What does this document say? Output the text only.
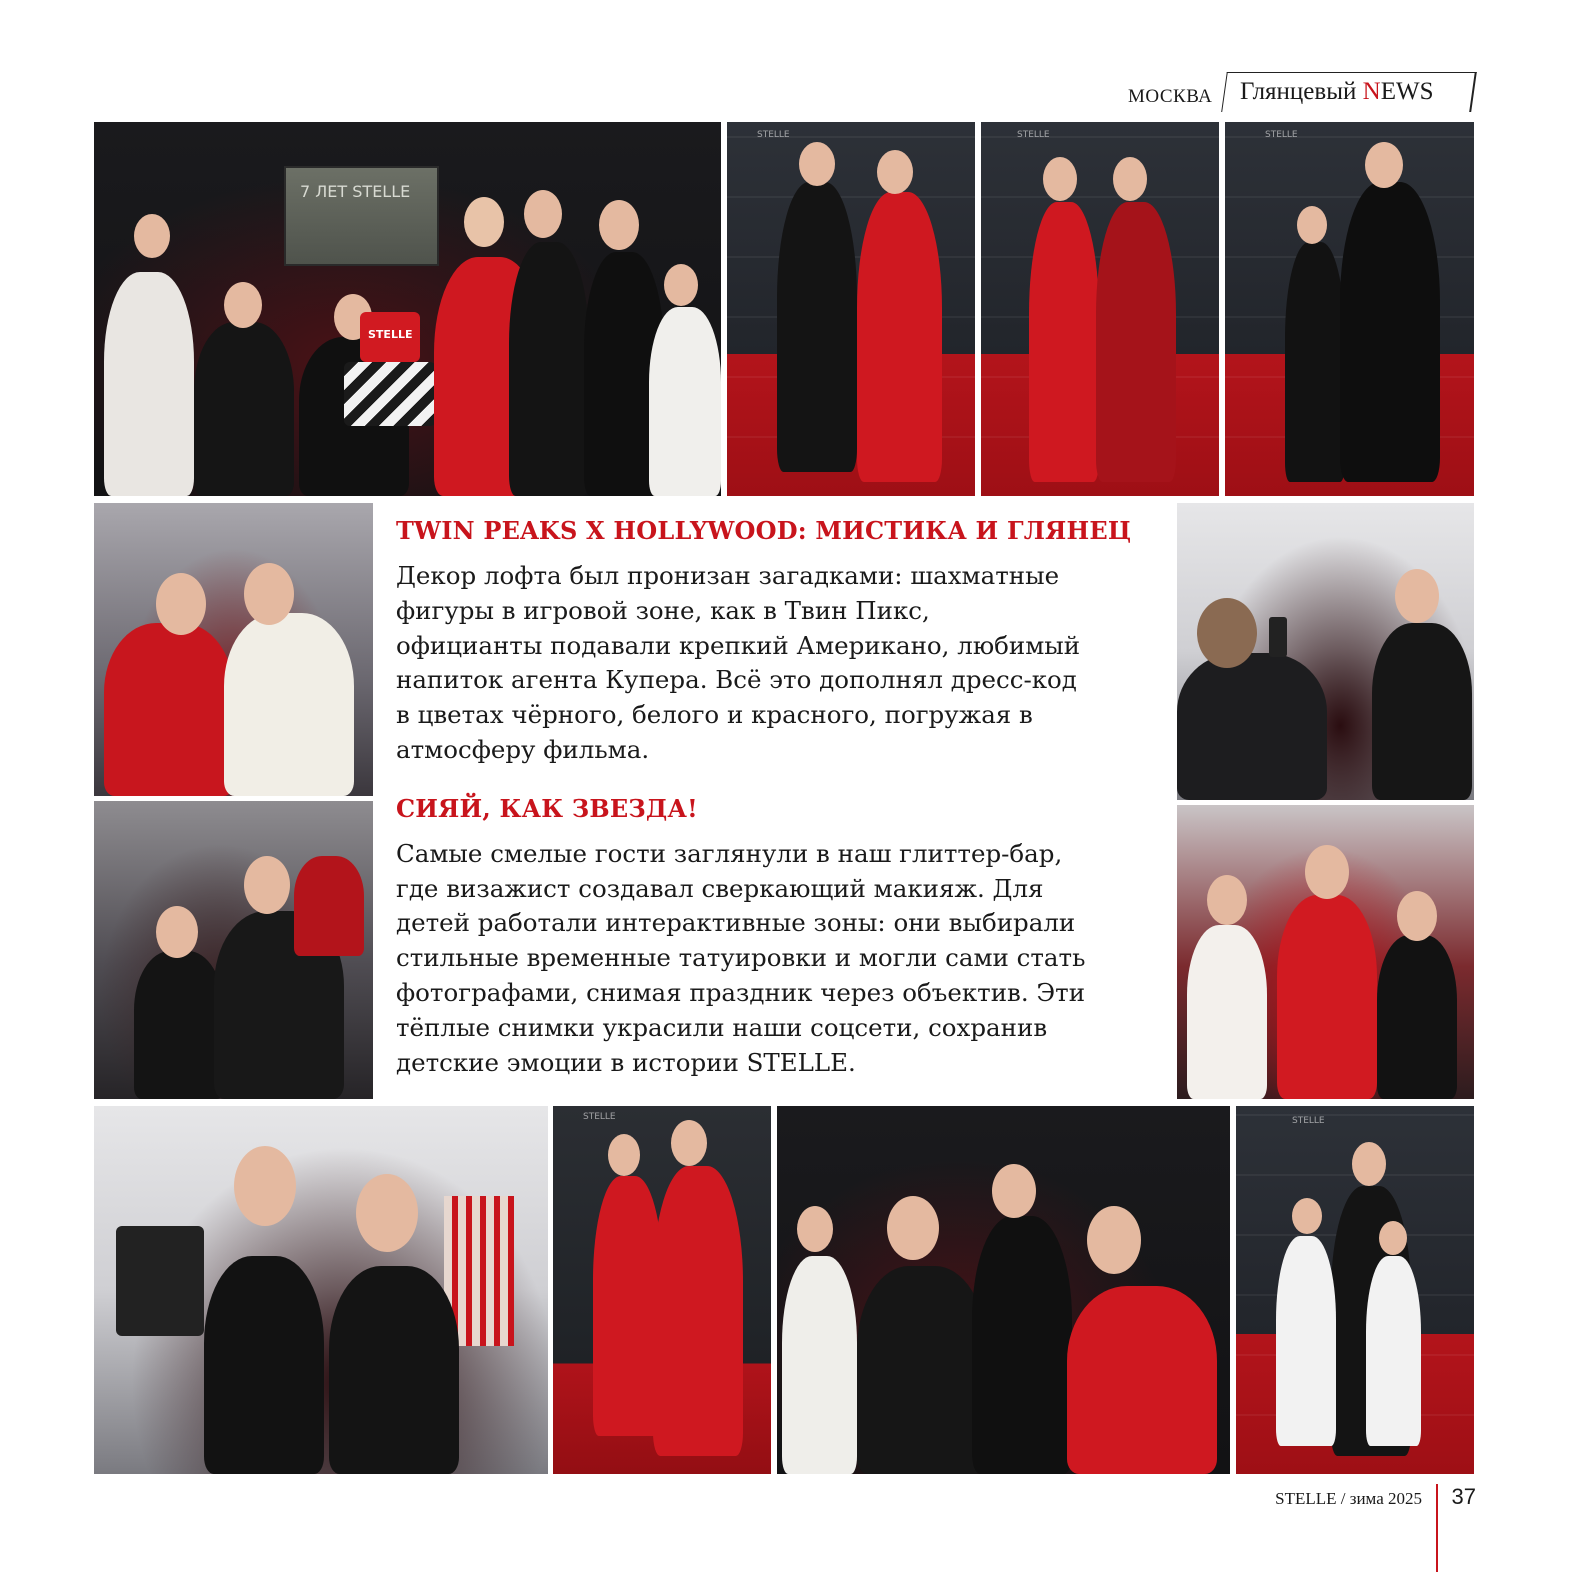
МОСКВА Глянцевый NEWS
7 ЛЕТ STELLE
STELLE
STELLE	STELLE	STELLE
TWIN PEAKS X HOLLYWOOD: МИСТИКА И ГЛЯНЕЦ
Декор лофта был пронизан загадками: шахматные
фигуры в игровой зоне, как в Твин Пикс,
официанты подавали крепкий Американо, любимый
напиток агента Купера. Всё это дополнял дресс-код
в цветах чёрного, белого и красного, погружая в
атмосферу фильма.
СИЯЙ, КАК ЗВЕЗДА!
Самые смелые гости заглянули в наш глиттер-бар,
где визажист создавал сверкающий макияж. Для
детей работали интерактивные зоны: они выбирали
стильные временные татуировки и могли сами стать
фотографами, снимая праздник через объектив. Эти
тёплые снимки украсили наши соцсети, сохранив
детские эмоции в истории STELLE.
STELLE	STELLE
STELLE / зима 2025 37
